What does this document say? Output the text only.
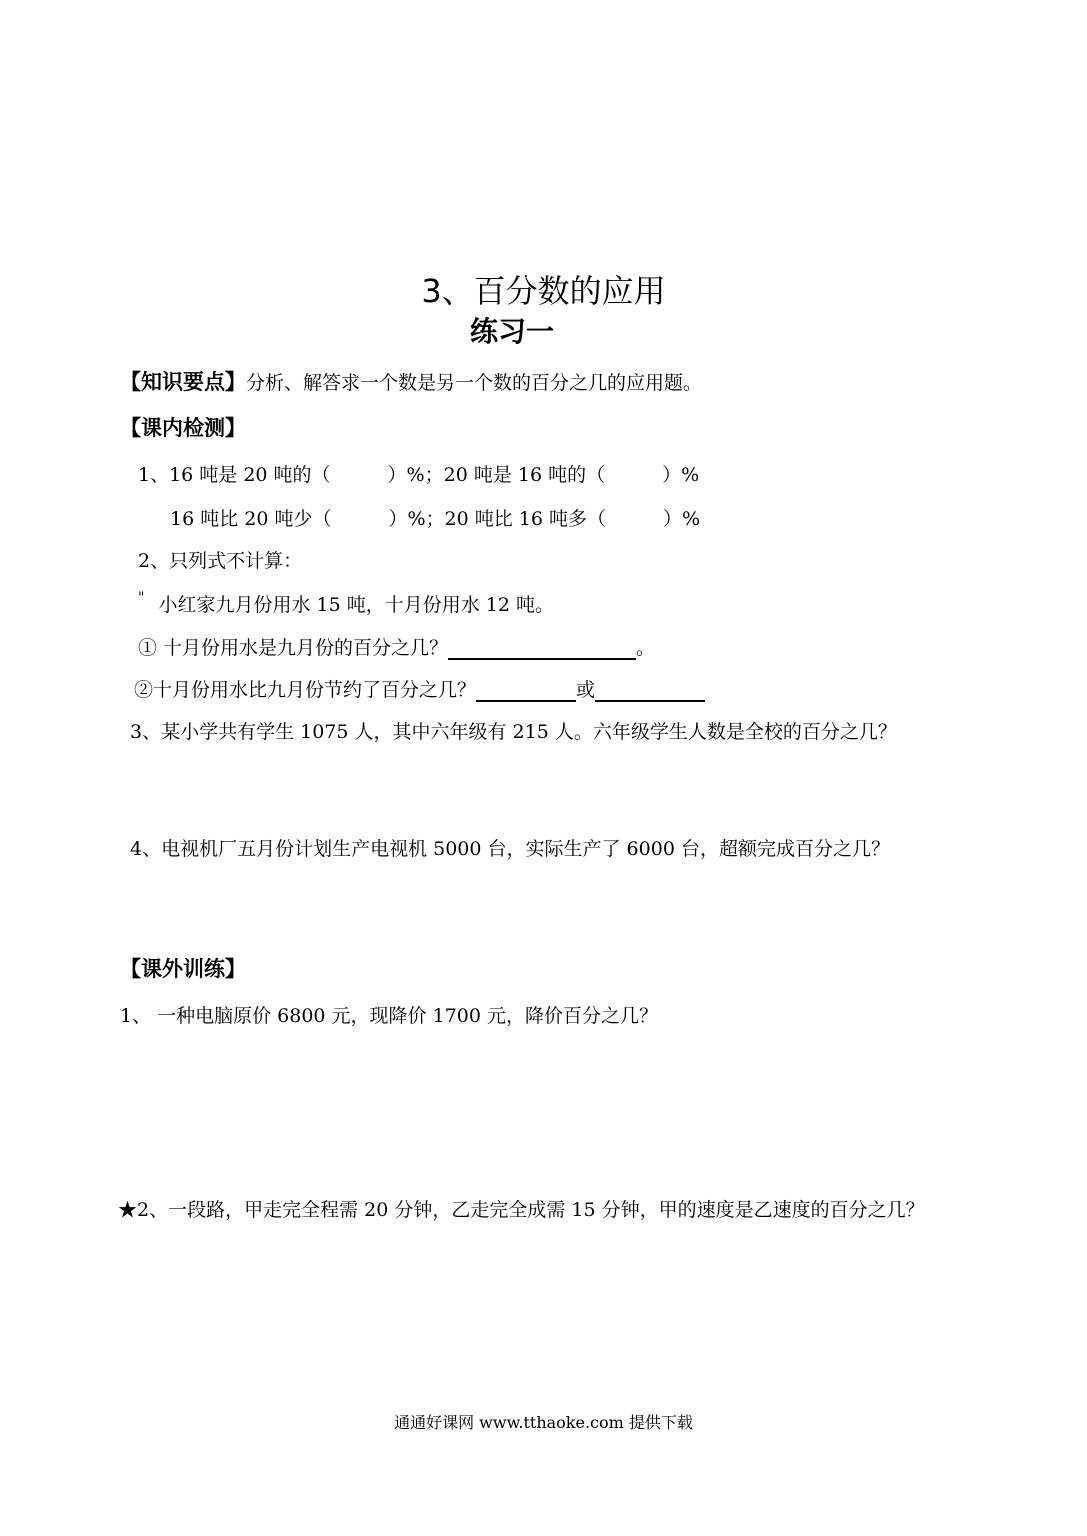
3、百分数的应用
练习一
【知识要点】分析、解答求一个数是另一个数的百分之几的应用题。
【课内检测】
1、16 吨是 20 吨的（　　　）%；20 吨是 16 吨的（　　　）%
16 吨比 20 吨少（　　　）%；20 吨比 16 吨多（　　　）%
2、只列式不计算：
" 小红家九月份用水 15 吨，十月份用水 12 吨。
① 十月份用水是九月份的百分之几？	。
②十月份用水比九月份节约了百分之几？	或
3、某小学共有学生 1075 人，其中六年级有 215 人。六年级学生人数是全校的百分之几？
4、电视机厂五月份计划生产电视机 5000 台，实际生产了 6000 台，超额完成百分之几？
【课外训练】
1、 一种电脑原价 6800 元，现降价 1700 元，降价百分之几？
★2、一段路，甲走完全程需 20 分钟，乙走完全成需 15 分钟，甲的速度是乙速度的百分之几？
通通好课网 www.tthaoke.com 提供下载
